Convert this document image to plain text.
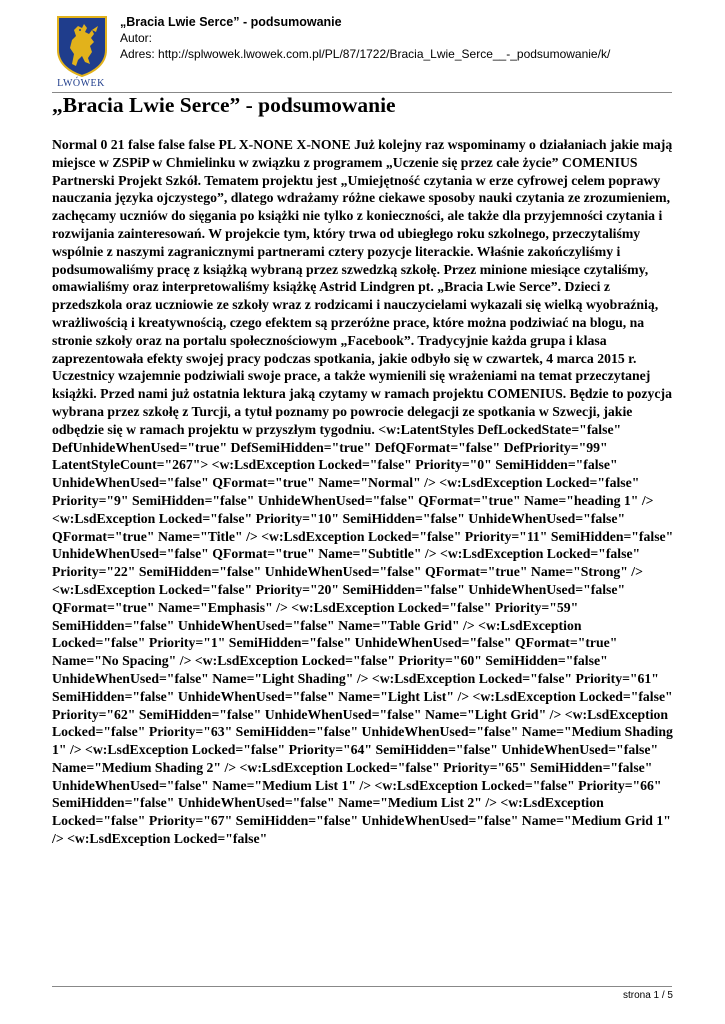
LWÓWEK
„Bracia Lwie Serce” - podsumowanie
Autor:
Adres: http://splwowek.lwowek.com.pl/PL/87/1722/Bracia_Lwie_Serce__-_podsumowanie/k/
„Bracia Lwie Serce” - podsumowanie

Normal 0 21 false false false PL X-NONE X-NONE Już kolejny raz wspominamy o działaniach jakie mają miejsce w ZSPiP w Chmielinku w związku z programem „Uczenie się przez całe życie” COMENIUS Partnerski Projekt Szkół. Tematem projektu jest „Umiejętność czytania w erze cyfrowej celem poprawy nauczania języka ojczystego”, dlatego wdrażamy różne ciekawe sposoby nauki czytania ze zrozumieniem, zachęcamy uczniów do sięgania po książki nie tylko z konieczności, ale także dla przyjemności czytania i rozwijania zainteresowań. W projekcie tym, który trwa od ubiegłego roku szkolnego, przeczytaliśmy wspólnie z naszymi zagranicznymi partnerami cztery pozycje literackie. Właśnie zakończyliśmy i podsumowaliśmy pracę z książką wybraną przez szwedzką szkołę. Przez minione miesiące czytaliśmy, omawialiśmy oraz interpretowaliśmy książkę Astrid Lindgren pt. „Bracia Lwie Serce”. Dzieci z przedszkola oraz uczniowie ze szkoły wraz z rodzicami i nauczycielami wykazali się wielką wyobraźnią, wrażliwością i kreatywnością, czego efektem są przeróżne prace, które można podziwiać na blogu, na stronie szkoły oraz na portalu społecznościowym „Facebook”. Tradycyjnie każda grupa i klasa zaprezentowała efekty swojej pracy podczas spotkania, jakie odbyło się w czwartek, 4 marca 2015 r. Uczestnicy wzajemnie podziwiali swoje prace, a także wymienili się wrażeniami na temat przeczytanej książki. Przed nami już ostatnia lektura jaką czytamy w ramach projektu COMENIUS. Będzie to pozycja wybrana przez szkołę z Turcji, a tytuł poznamy po powrocie delegacji ze spotkania w Szwecji, jakie odbędzie się w ramach projektu w przyszłym tygodniu. <w:LatentStyles DefLockedState="false" DefUnhideWhenUsed="true" DefSemiHidden="true" DefQFormat="false" DefPriority="99" LatentStyleCount="267"> <w:LsdException Locked="false" Priority="0" SemiHidden="false" UnhideWhenUsed="false" QFormat="true" Name="Normal" /> <w:LsdException Locked="false" Priority="9" SemiHidden="false" UnhideWhenUsed="false" QFormat="true" Name="heading 1" /> <w:LsdException Locked="false" Priority="10" SemiHidden="false" UnhideWhenUsed="false" QFormat="true" Name="Title" /> <w:LsdException Locked="false" Priority="11" SemiHidden="false" UnhideWhenUsed="false" QFormat="true" Name="Subtitle" /> <w:LsdException Locked="false" Priority="22" SemiHidden="false" UnhideWhenUsed="false" QFormat="true" Name="Strong" /> <w:LsdException Locked="false" Priority="20" SemiHidden="false" UnhideWhenUsed="false" QFormat="true" Name="Emphasis" /> <w:LsdException Locked="false" Priority="59" SemiHidden="false" UnhideWhenUsed="false" Name="Table Grid" /> <w:LsdException Locked="false" Priority="1" SemiHidden="false" UnhideWhenUsed="false" QFormat="true" Name="No Spacing" /> <w:LsdException Locked="false" Priority="60" SemiHidden="false" UnhideWhenUsed="false" Name="Light Shading" /> <w:LsdException Locked="false" Priority="61" SemiHidden="false" UnhideWhenUsed="false" Name="Light List" /> <w:LsdException Locked="false" Priority="62" SemiHidden="false" UnhideWhenUsed="false" Name="Light Grid" /> <w:LsdException Locked="false" Priority="63" SemiHidden="false" UnhideWhenUsed="false" Name="Medium Shading 1" /> <w:LsdException Locked="false" Priority="64" SemiHidden="false" UnhideWhenUsed="false" Name="Medium Shading 2" /> <w:LsdException Locked="false" Priority="65" SemiHidden="false" UnhideWhenUsed="false" Name="Medium List 1" /> <w:LsdException Locked="false" Priority="66" SemiHidden="false" UnhideWhenUsed="false" Name="Medium List 2" /> <w:LsdException Locked="false" Priority="67" SemiHidden="false" UnhideWhenUsed="false" Name="Medium Grid 1" /> <w:LsdException Locked="false"

strona 1 / 5
